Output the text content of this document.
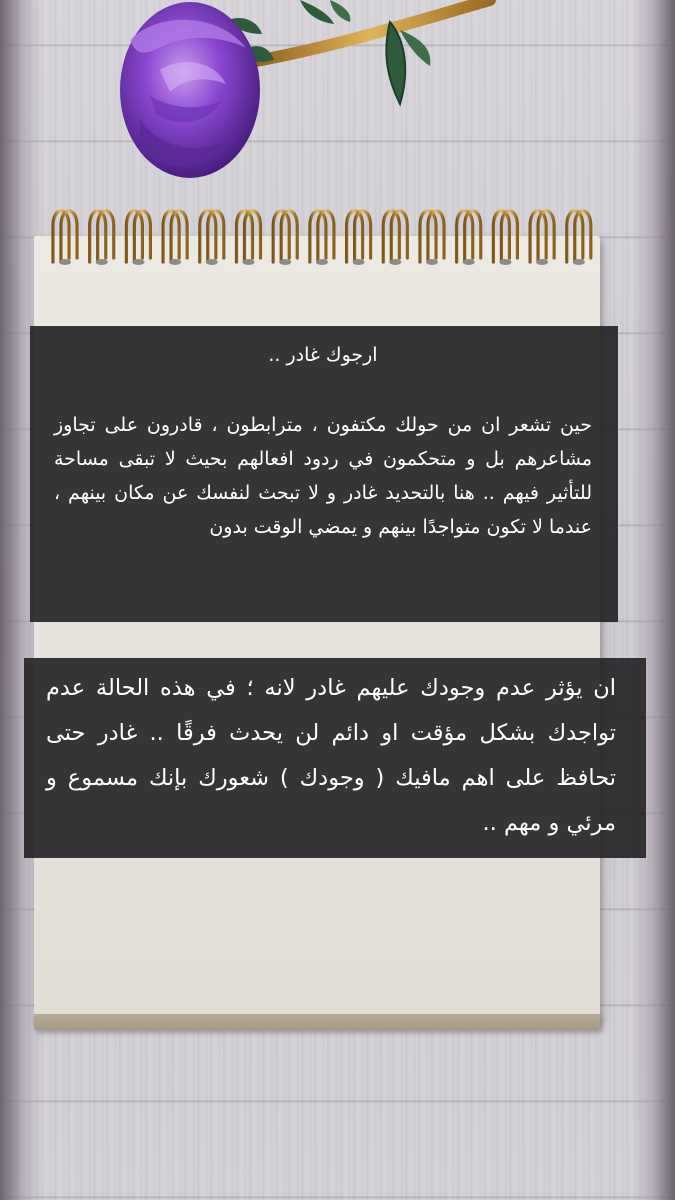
ارجوك غادر ..

حين تشعر ان من حولك مكتفون ، مترابطون ، قادرون على تجاوز مشاعرهم بل و متحكمون في ردود افعالهم بحيث لا تبقى مساحة للتأثير فيهم .. هنا بالتحديد غادر و لا تبحث لنفسك عن مكان بينهم ، عندما لا تكون متواجدًا بينهم و يمضي الوقت بدون

ان يؤثر عدم وجودك عليهم غادر لانه ؛ في هذه الحالة عدم تواجدك بشكل مؤقت او دائم لن يحدث فرقًا .. غادر حتى تحافظ على اهم مافيك ( وجودك ) شعورك بإنك مسموع و مرئي و مهم ..
